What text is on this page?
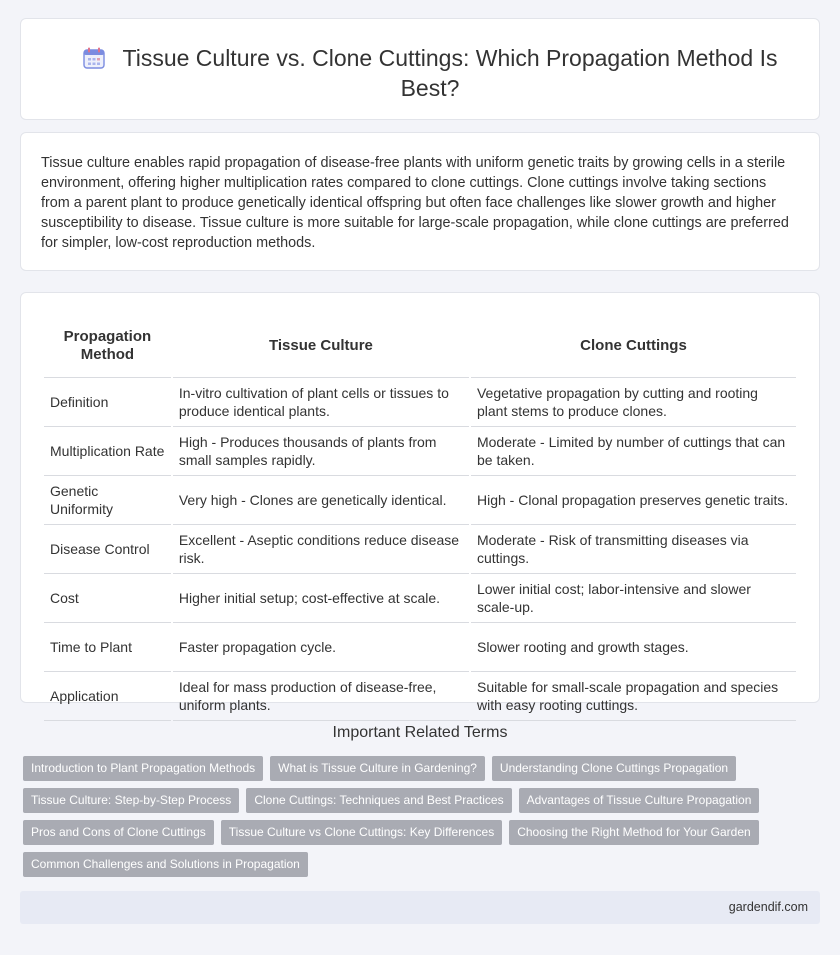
Tissue Culture vs. Clone Cuttings: Which Propagation Method Is Best?

Tissue culture enables rapid propagation of disease-free plants with uniform genetic traits by growing cells in a sterile environment, offering higher multiplication rates compared to clone cuttings. Clone cuttings involve taking sections from a parent plant to produce genetically identical offspring but often face challenges like slower growth and higher susceptibility to disease. Tissue culture is more suitable for large-scale propagation, while clone cuttings are preferred for simpler, low-cost reproduction methods.

Propagation Method	Tissue Culture	Clone Cuttings
Definition	In-vitro cultivation of plant cells or tissues to produce identical plants.	Vegetative propagation by cutting and rooting plant stems to produce clones.
Multiplication Rate	High - Produces thousands of plants from small samples rapidly.	Moderate - Limited by number of cuttings that can be taken.
Genetic Uniformity	Very high - Clones are genetically identical.	High - Clonal propagation preserves genetic traits.
Disease Control	Excellent - Aseptic conditions reduce disease risk.	Moderate - Risk of transmitting diseases via cuttings.
Cost	Higher initial setup; cost-effective at scale.	Lower initial cost; labor-intensive and slower scale-up.
Time to Plant	Faster propagation cycle.	Slower rooting and growth stages.
Application	Ideal for mass production of disease-free, uniform plants.	Suitable for small-scale propagation and species with easy rooting cuttings.
Important Related Terms
Introduction to Plant Propagation Methods	What is Tissue Culture in Gardening?	Understanding Clone Cuttings Propagation
Tissue Culture: Step-by-Step Process	Clone Cuttings: Techniques and Best Practices	Advantages of Tissue Culture Propagation
Pros and Cons of Clone Cuttings	Tissue Culture vs Clone Cuttings: Key Differences	Choosing the Right Method for Your Garden
Common Challenges and Solutions in Propagation
gardendif.com
